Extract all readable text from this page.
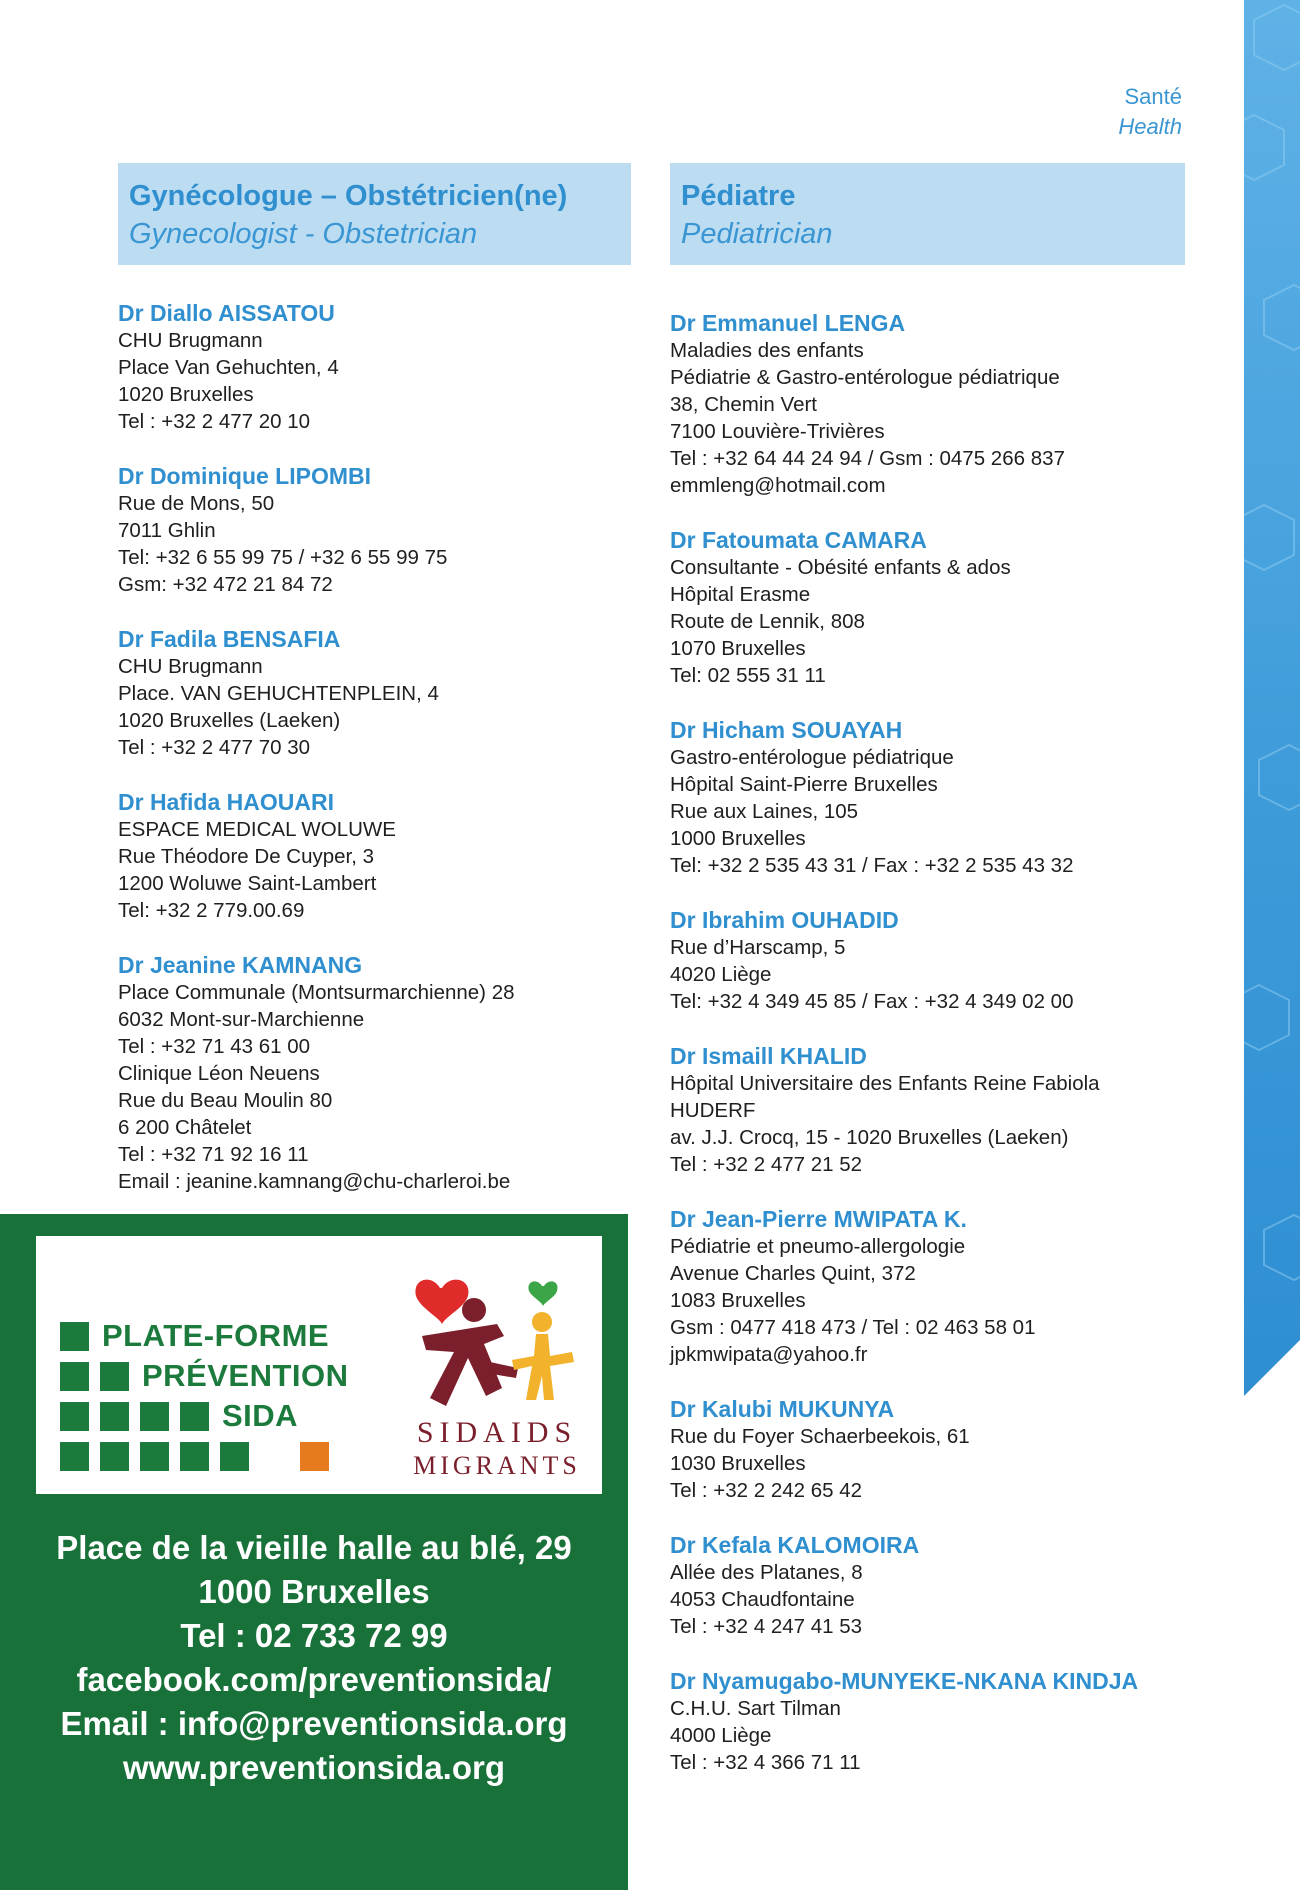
Santé
Health
Gynécologue – Obstétricien(ne)
Gynecologist - Obstetrician
Dr Diallo AISSATOU
CHU Brugmann
Place Van Gehuchten, 4
1020 Bruxelles
Tel : +32 2 477 20 10
Dr Dominique LIPOMBI
Rue de Mons, 50
7011 Ghlin
Tel: +32 6 55 99 75 / +32 6 55 99 75
Gsm: +32 472 21 84 72
Dr Fadila BENSAFIA
CHU Brugmann
Place. VAN GEHUCHTENPLEIN, 4
1020 Bruxelles (Laeken)
Tel : +32 2 477 70 30
Dr Hafida HAOUARI
ESPACE MEDICAL WOLUWE
Rue Théodore De Cuyper, 3
1200 Woluwe Saint-Lambert
Tel: +32 2 779.00.69
Dr Jeanine KAMNANG
Place Communale (Montsurmarchienne) 28
6032 Mont-sur-Marchienne
Tel : +32 71 43 61 00
Clinique Léon Neuens
Rue du Beau Moulin 80
6 200 Châtelet
Tel : +32 71 92 16 11
Email : jeanine.kamnang@chu-charleroi.be
Pédiatre
Pediatrician
Dr Emmanuel LENGA
Maladies des enfants
Pédiatrie & Gastro-entérologue pédiatrique
38, Chemin Vert
7100 Louvière-Trivières
Tel : +32 64 44 24 94 / Gsm : 0475 266 837
emmleng@hotmail.com
Dr Fatoumata CAMARA
Consultante - Obésité enfants & ados
Hôpital Erasme
Route de Lennik, 808
1070 Bruxelles
Tel: 02 555 31 11
Dr Hicham SOUAYAH
Gastro-entérologue pédiatrique
Hôpital Saint-Pierre Bruxelles
Rue aux Laines, 105
1000 Bruxelles
Tel: +32 2 535 43 31 / Fax : +32 2 535 43 32
Dr Ibrahim OUHADID
Rue d’Harscamp, 5
4020 Liège
Tel: +32 4 349 45 85 / Fax : +32 4 349 02 00
Dr Ismaill KHALID
Hôpital Universitaire des Enfants Reine Fabiola
HUDERF
av. J.J. Crocq, 15 - 1020 Bruxelles (Laeken)
Tel : +32 2 477 21 52
Dr Jean-Pierre MWIPATA K.
Pédiatrie et pneumo-allergologie
Avenue Charles Quint, 372
1083 Bruxelles
Gsm : 0477 418 473 / Tel : 02 463 58 01
jpkmwipata@yahoo.fr
Dr Kalubi MUKUNYA
Rue du Foyer Schaerbeekois, 61
1030 Bruxelles
Tel : +32 2 242 65 42
Dr Kefala KALOMOIRA
Allée des Platanes, 8
4053 Chaudfontaine
Tel : +32 4 247 41 53
Dr Nyamugabo-MUNYEKE-NKANA KINDJA
C.H.U. Sart Tilman
4000 Liège
Tel : +32 4 366 71 11
PLATE-FORME
PRÉVENTION
SIDA	SIDAIDS
MIGRANTS
Place de la vieille halle au blé, 29
1000 Bruxelles
Tel : 02 733 72 99
facebook.com/preventionsida/
Email : info@preventionsida.org
www.preventionsida.org
